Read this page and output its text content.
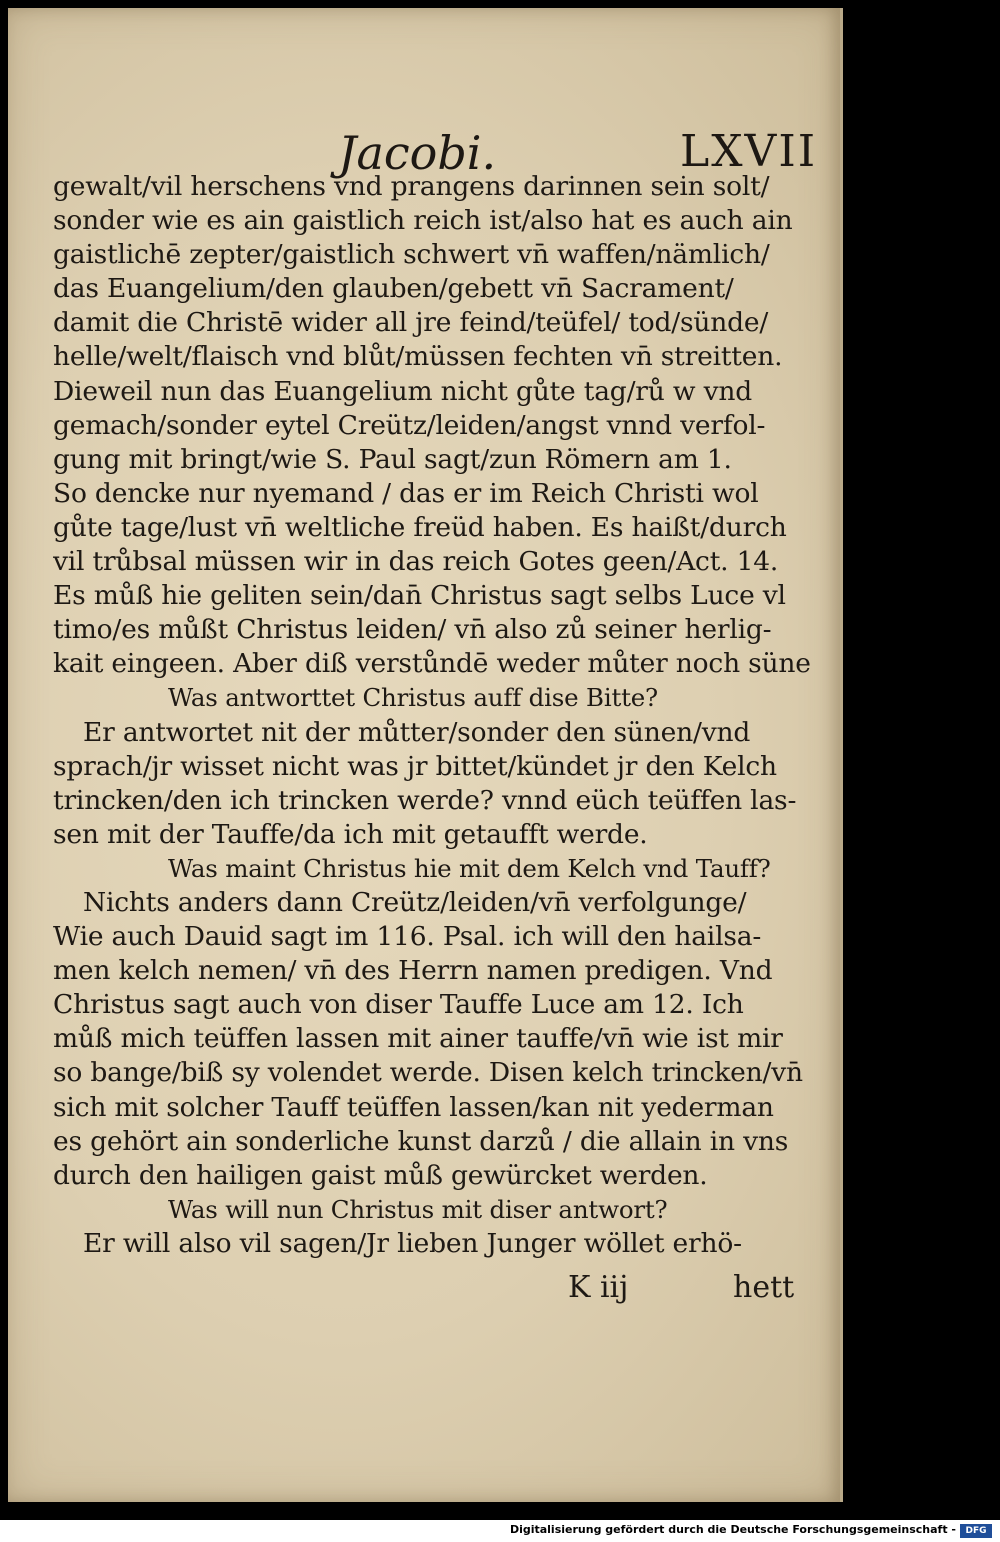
Jacobi.	LXVII
gewalt/vil herschens vnd prangens darinnen sein solt/
sonder wie es ain gaistlich reich ist/also hat es auch ain
gaistlichē zepter/gaistlich schwert vn̄ waffen/nämlich/
das Euangelium/den glauben/gebett vn̄ Sacrament/
damit die Christē wider all jre feind/teüfel/ tod/sünde/
helle/welt/flaisch vnd blůt/müssen fechten vn̄ streitten.
Dieweil nun das Euangelium nicht gůte tag/rů w vnd
gemach/sonder eytel Creütz/leiden/angst vnnd verfol-
gung mit bringt/wie S. Paul sagt/zun Römern am 1.
So dencke nur nyemand / das er im Reich Christi wol
gůte tage/lust vn̄ weltliche freüd haben. Es haißt/durch
vil trůbsal müssen wir in das reich Gotes geen/Act. 14.
Es můß hie geliten sein/dan̄ Christus sagt selbs Luce vl
timo/es můßt Christus leiden/ vn̄ also zů seiner herlig-
kait eingeen. Aber diß verstůndē weder můter noch süne
Was antworttet Christus auff dise Bitte?
Er antwortet nit der můtter/sonder den sünen/vnd
sprach/jr wisset nicht was jr bittet/kündet jr den Kelch
trincken/den ich trincken werde? vnnd eüch teüffen las-
sen mit der Tauffe/da ich mit getaufft werde.
Was maint Christus hie mit dem Kelch vnd Tauff?
Nichts anders dann Creütz/leiden/vn̄ verfolgunge/
Wie auch Dauid sagt im 116. Psal. ich will den hailsa-
men kelch nemen/ vn̄ des Herrn namen predigen. Vnd
Christus sagt auch von diser Tauffe Luce am 12. Ich
můß mich teüffen lassen mit ainer tauffe/vn̄ wie ist mir
so bange/biß sy volendet werde. Disen kelch trincken/vn̄
sich mit solcher Tauff teüffen lassen/kan nit yederman
es gehört ain sonderliche kunst darzů / die allain in vns
durch den hailigen gaist můß gewürcket werden.
Was will nun Christus mit diser antwort?
Er will also vil sagen/Jr lieben Junger wöllet erhö-
K iij	hett
Digitalisierung gefördert durch die Deutsche Forschungsgemeinschaft -	DFG
